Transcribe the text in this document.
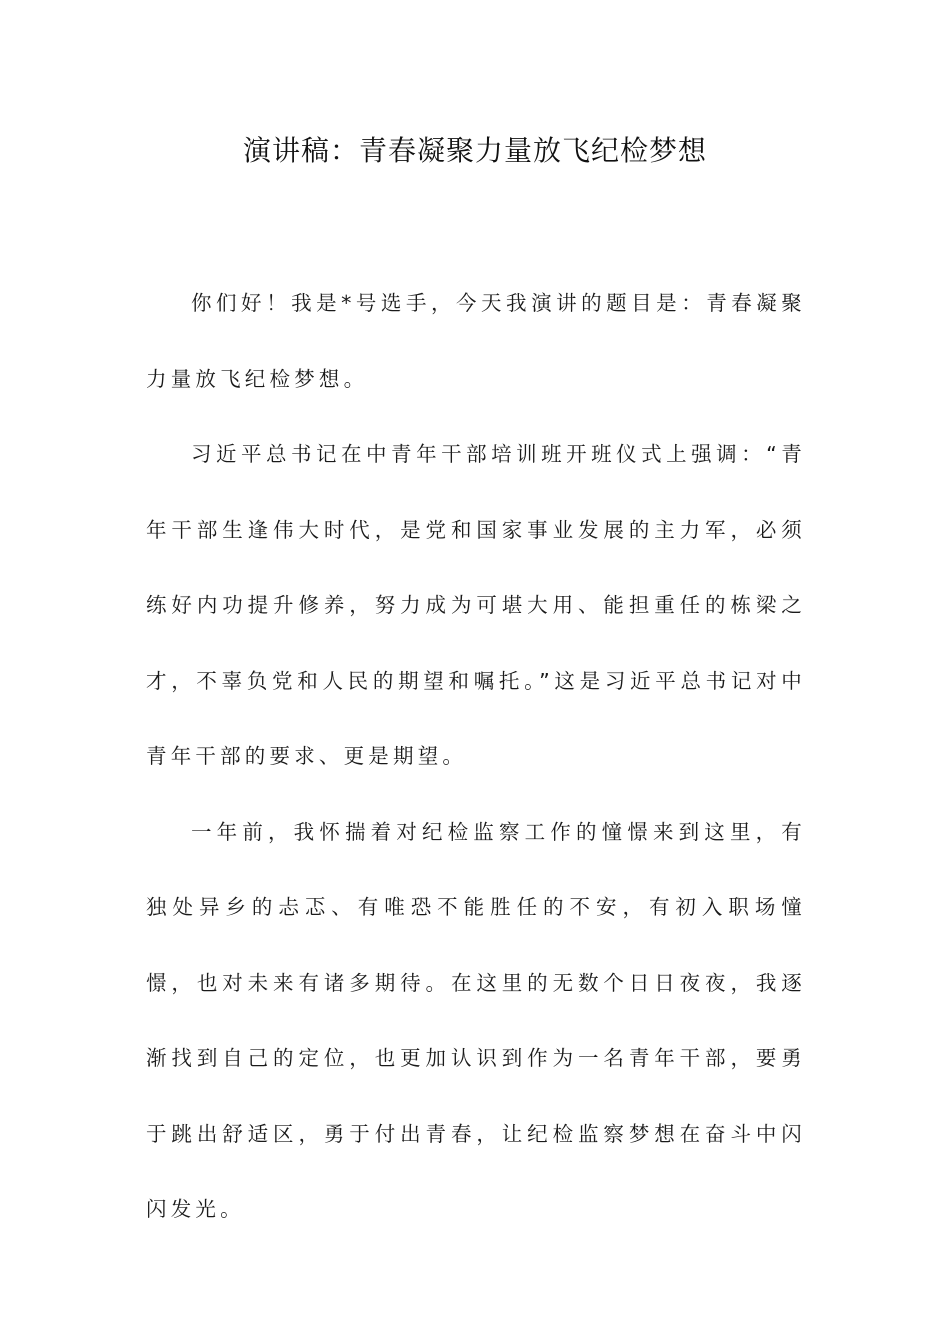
演讲稿：青春凝聚力量放飞纪检梦想

你们好！我是*号选手，今天我演讲的题目是：青春凝聚力量放飞纪检梦想。

习近平总书记在中青年干部培训班开班仪式上强调：“青年干部生逢伟大时代，是党和国家事业发展的主力军，必须练好内功提升修养，努力成为可堪大用、能担重任的栋梁之才，不辜负党和人民的期望和嘱托。”这是习近平总书记对中青年干部的要求、更是期望。

一年前，我怀揣着对纪检监察工作的憧憬来到这里，有独处异乡的忐忑、有唯恐不能胜任的不安，有初入职场憧憬，也对未来有诸多期待。在这里的无数个日日夜夜，我逐渐找到自己的定位，也更加认识到作为一名青年干部，要勇于跳出舒适区，勇于付出青春，让纪检监察梦想在奋斗中闪闪发光。
